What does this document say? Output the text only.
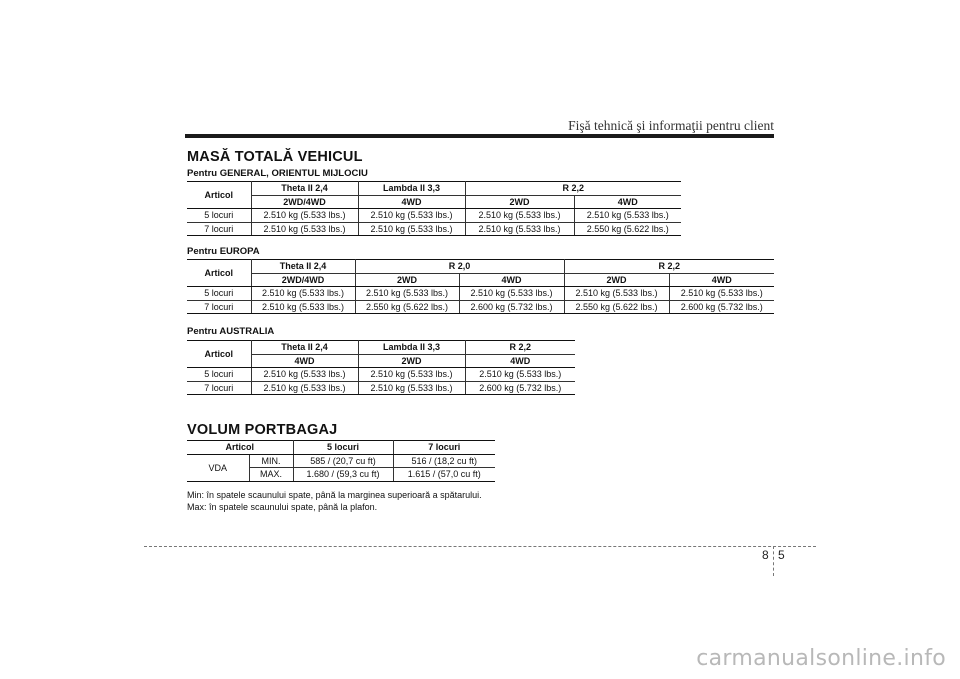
Fişă tehnică şi informaţii pentru client
MASĂ TOTALĂ VEHICUL
Pentru GENERAL, ORIENTUL MIJLOCIU
Articol	Theta II 2,4	Lambda II 3,3	R 2,2	
	2WD/4WD	4WD	2WD	4WD
5 locuri	2.510 kg (5.533 lbs.)	2.510 kg (5.533 lbs.)	2.510 kg (5.533 lbs.)	2.510 kg (5.533 lbs.)
7 locuri	2.510 kg (5.533 lbs.)	2.510 kg (5.533 lbs.)	2.510 kg (5.533 lbs.)	2.550 kg (5.622 lbs.)
Pentru EUROPA
Articol	Theta II 2,4	R 2,0		R 2,2	
	2WD/4WD	2WD	4WD	2WD	4WD
5 locuri	2.510 kg (5.533 lbs.)	2.510 kg (5.533 lbs.)	2.510 kg (5.533 lbs.)	2.510 kg (5.533 lbs.)	2.510 kg (5.533 lbs.)
7 locuri	2.510 kg (5.533 lbs.)	2.550 kg (5.622 lbs.)	2.600 kg (5.732 lbs.)	2.550 kg (5.622 lbs.)	2.600 kg (5.732 lbs.)
Pentru AUSTRALIA
Articol	Theta II 2,4	Lambda II 3,3	R 2,2
	4WD	2WD	4WD
5 locuri	2.510 kg (5.533 lbs.)	2.510 kg (5.533 lbs.)	2.510 kg (5.533 lbs.)
7 locuri	2.510 kg (5.533 lbs.)	2.510 kg (5.533 lbs.)	2.600 kg (5.732 lbs.)
VOLUM PORTBAGAJ
Articol		5 locuri	7 locuri
VDA	MIN.	585 / (20,7 cu ft)	516 / (18,2 cu ft)
	MAX.	1.680 / (59,3 cu ft)	1.615 / (57,0 cu ft)
Min: în spatele scaunului spate, până la marginea superioară a spătarului.
Max: în spatele scaunului spate, până la plafon.
8 5
carmanualsonline.info
